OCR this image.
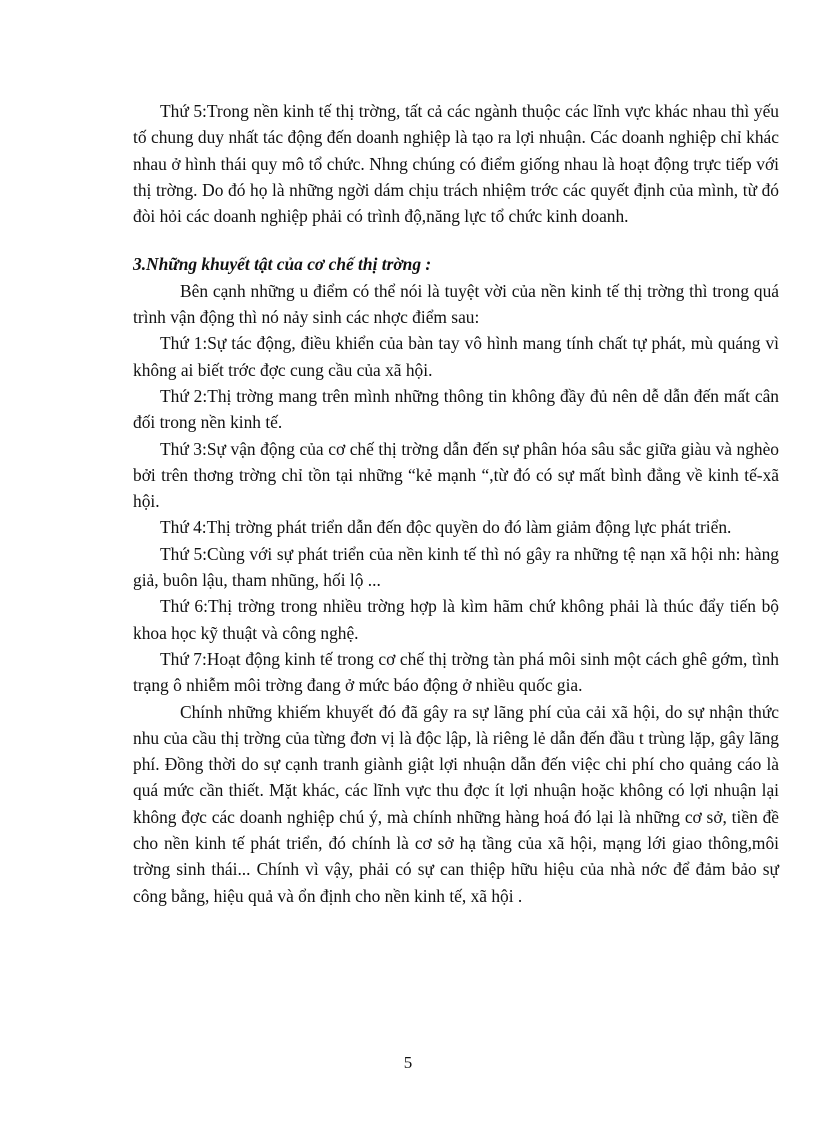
Thứ 5:Trong nền kinh tế thị trờng, tất cả các ngành thuộc các lĩnh vực khác nhau thì yếu tố chung duy nhất tác động đến doanh nghiệp là tạo ra lợi nhuận. Các doanh nghiệp chỉ khác nhau ở hình thái quy mô tổ chức. Nhng chúng có điểm giống nhau là hoạt động trực tiếp với thị trờng. Do đó họ là những ngời dám chịu trách nhiệm trớc các quyết định của mình, từ đó đòi hỏi các doanh nghiệp phải có trình độ,năng lực tổ chức kinh doanh.

3.Những khuyết tật của cơ chế thị trờng :

Bên cạnh những u điểm có thể nói là tuyệt vời của nền kinh tế thị trờng thì trong quá trình vận động thì nó nảy sinh các nhợc điểm sau:

Thứ 1:Sự tác động, điều khiển của bàn tay vô hình mang tính chất tự phát, mù quáng vì không ai biết trớc đợc cung cầu của xã hội.

Thứ 2:Thị trờng mang trên mình những thông tin không đầy đủ nên dễ dẫn đến mất cân đối trong nền kinh tế.

Thứ 3:Sự vận động của cơ chế thị trờng dẫn đến sự phân hóa sâu sắc giữa giàu và nghèo bởi trên thơng trờng chỉ tồn tại những “kẻ mạnh “,từ đó có sự mất bình đẳng về kinh tế-xã hội.

Thứ 4:Thị trờng phát triển dẫn đến độc quyền do đó làm giảm động lực phát triển.

Thứ 5:Cùng với sự phát triển của nền kinh tế thì nó gây ra những tệ nạn xã hội nh: hàng giả, buôn lậu, tham nhũng, hối lộ ...

Thứ 6:Thị trờng trong nhiều trờng hợp là kìm hãm chứ không phải là thúc đẩy tiến bộ khoa học kỹ thuật và công nghệ.

Thứ 7:Hoạt động kinh tế trong cơ chế thị trờng tàn phá môi sinh một cách ghê gớm, tình trạng ô nhiễm môi trờng đang ở mức báo động ở nhiều quốc gia.

Chính những khiếm khuyết đó đã gây ra sự lãng phí của cải xã hội, do sự nhận thức nhu của cầu thị trờng của từng đơn vị là độc lập, là riêng lẻ dẫn đến đầu t trùng lặp, gây lãng phí. Đồng thời do sự cạnh tranh giành giật lợi nhuận dẫn đến việc chi phí cho quảng cáo là quá mức cần thiết. Mặt khác, các lĩnh vực thu đợc ít lợi nhuận hoặc không có lợi nhuận lại không đợc các doanh nghiệp chú ý, mà chính những hàng hoá đó lại là những cơ sở, tiền đề cho nền kinh tế phát triển, đó chính là cơ sở hạ tầng của xã hội, mạng lới giao thông,môi trờng sinh thái... Chính vì vậy, phải có sự can thiệp hữu hiệu của nhà nớc để đảm bảo sự công bằng, hiệu quả và ổn định cho nền kinh tế, xã hội .

5
